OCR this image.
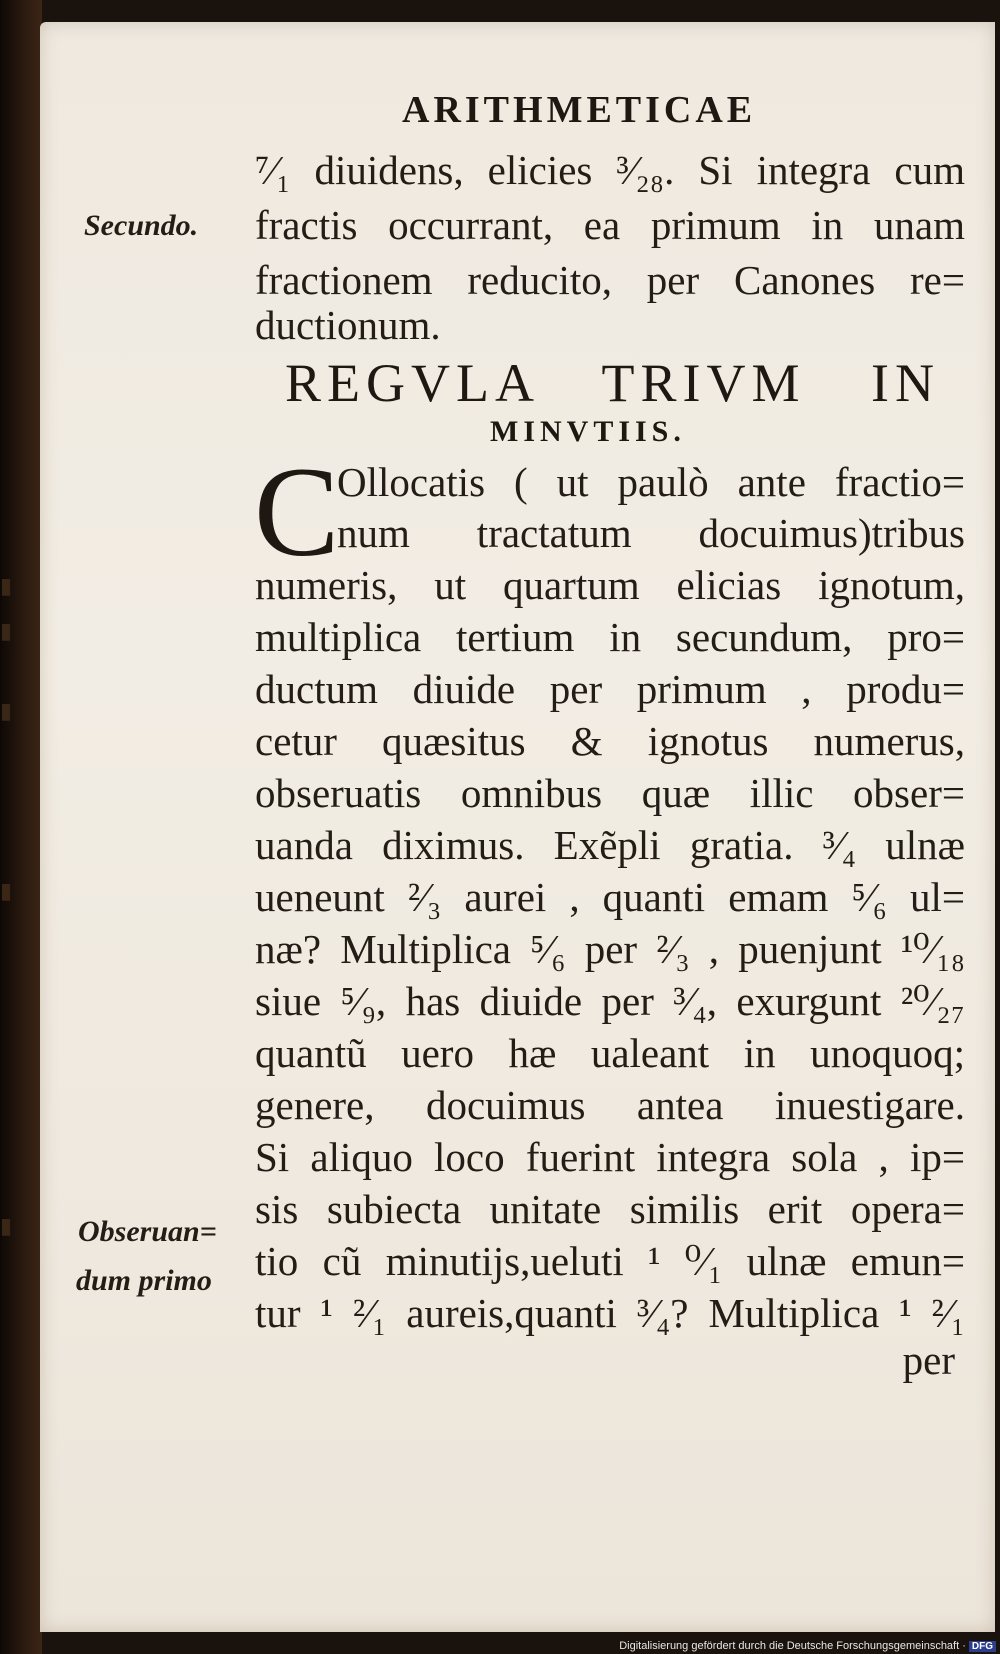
▮
▮
▮
▮
▮
ARITHMETICAE
⁷⁄₁ diuidens, elicies ³⁄₂₈. Si integra cum
fractis occurrant, ea primum in unam
fractionem reducito, per Canones re=
ductionum.
REGVLA TRIVM IN
MINVTIIS.
C
Ollocatis ( ut paulò ante fractio=
num tractatum docuimus)tribus
numeris, ut quartum elicias ignotum,
multiplica tertium in secundum, pro=
ductum diuide per primum , produ=
cetur quæsitus & ignotus numerus,
obseruatis omnibus quæ illic obser=
uanda diximus. Exẽpli gratia. ³⁄₄ ulnæ
ueneunt ²⁄₃ aurei , quanti emam ⁵⁄₆ ul=
næ? Multiplica ⁵⁄₆ per ²⁄₃ , puenjunt ¹⁰⁄₁₈
siue ⁵⁄₉, has diuide per ³⁄₄, exurgunt ²⁰⁄₂₇
quantũ uero hæ ualeant in unoquoq;
genere, docuimus antea inuestigare.
Si aliquo loco fuerint integra sola , ip=
sis subiecta unitate similis erit opera=
tio cũ minutijs,ueluti ¹ ⁰⁄₁ ulnæ emun=
tur ¹ ²⁄₁ aureis,quanti ³⁄₄? Multiplica ¹ ²⁄₁
per
Secundo.
Obseruan=
dum primo
Digitalisierung gefördert durch die Deutsche Forschungsgemeinschaft · DFG
